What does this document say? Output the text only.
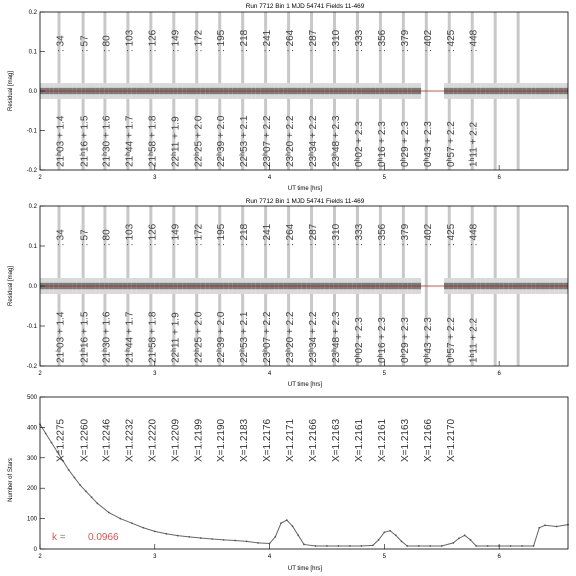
Run 7712 Bin 1 MJD 54741 Fields 11-469
: 34 : 57 : 80 : 103 : 126 : 149 : 172 : 195 : 218 : 241 : 264 : 287 : 310 : 333 : 356 : 379 : 402 : 425 : 448
21ʰ03 + 1.4 21ʰ16 + 1.5 21ʰ30 + 1.6 21ʰ44 + 1.7 21ʰ58 + 1.8 22ʰ11 + 1.9 22ʰ25 + 2.0 22ʰ39 + 2.0 22ʰ53 + 2.1 23ʰ07 + 2.2 23ʰ20 + 2.2 23ʰ34 + 2.2 23ʰ48 + 2.3 0ʰ02 + 2.3 0ʰ16 + 2.3 0ʰ29 + 2.3 0ʰ43 + 2.3 0ʰ57 + 2.2 1ʰ11 + 2.2
-0.2
-0.1
0.0
0.1
0.2
2	3	4	5	6
UT time [hrs]
Residual [mag]
Run 7712 Bin 1 MJD 54741 Fields 11-469
: 34 : 57 : 80 : 103 : 126 : 149 : 172 : 195 : 218 : 241 : 264 : 287 : 310 : 333 : 356 : 379 : 402 : 425 : 448
21ʰ03 + 1.4 21ʰ16 + 1.5 21ʰ30 + 1.6 21ʰ44 + 1.7 21ʰ58 + 1.8 22ʰ11 + 1.9 22ʰ25 + 2.0 22ʰ39 + 2.0 22ʰ53 + 2.1 23ʰ07 + 2.2 23ʰ20 + 2.2 23ʰ34 + 2.2 23ʰ48 + 2.3 0ʰ02 + 2.3 0ʰ16 + 2.3 0ʰ29 + 2.3 0ʰ43 + 2.3 0ʰ57 + 2.2 1ʰ11 + 2.2
-0.2
-0.1
0.0
0.1
0.2
2	3	4	5	6
UT time [hrs]
Residual [mag]
X=1.2275 X=1.2260 X=1.2246 X=1.2232 X=1.2220 X=1.2209 X=1.2199 X=1.2190 X=1.2183 X=1.2176 X=1.2171 X=1.2166 X=1.2163 X=1.2161 X=1.2161 X=1.2163 X=1.2166 X=1.2170
0
100
200
300
400
500
2	3	4	5	6
k = 0.0966
UT time [hrs]
Number of Stars
